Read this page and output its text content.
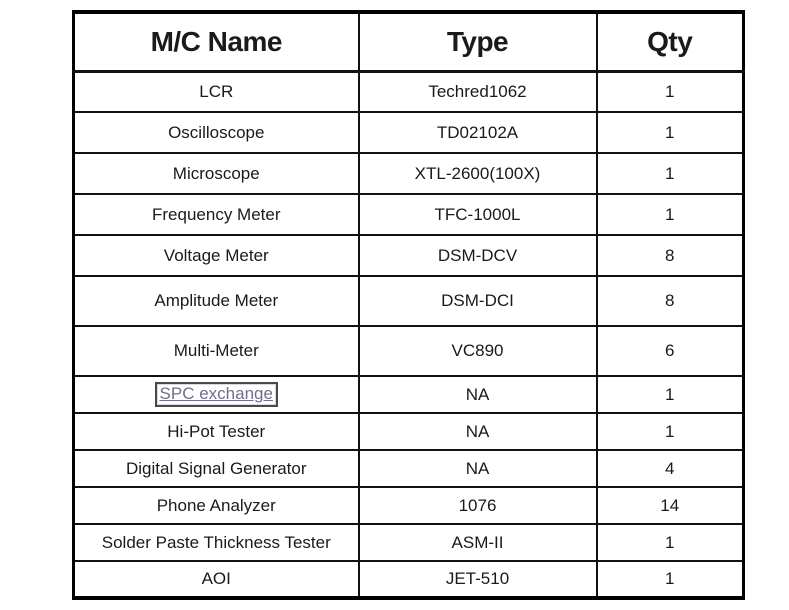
M/C Name	Type	Qty
LCR	Techred1062	1
Oscilloscope	TD02102A	1
Microscope	XTL-2600(100X)	1
Frequency Meter	TFC-1000L	1
Voltage Meter	DSM-DCV	8
Amplitude Meter	DSM-DCI	8
Multi-Meter	VC890	6
SPC exchange	NA	1
Hi-Pot Tester	NA	1
Digital Signal Generator	NA	4
Phone Analyzer	1076	14
Solder Paste Thickness Tester	ASM-II	1
AOI	JET-510	1
